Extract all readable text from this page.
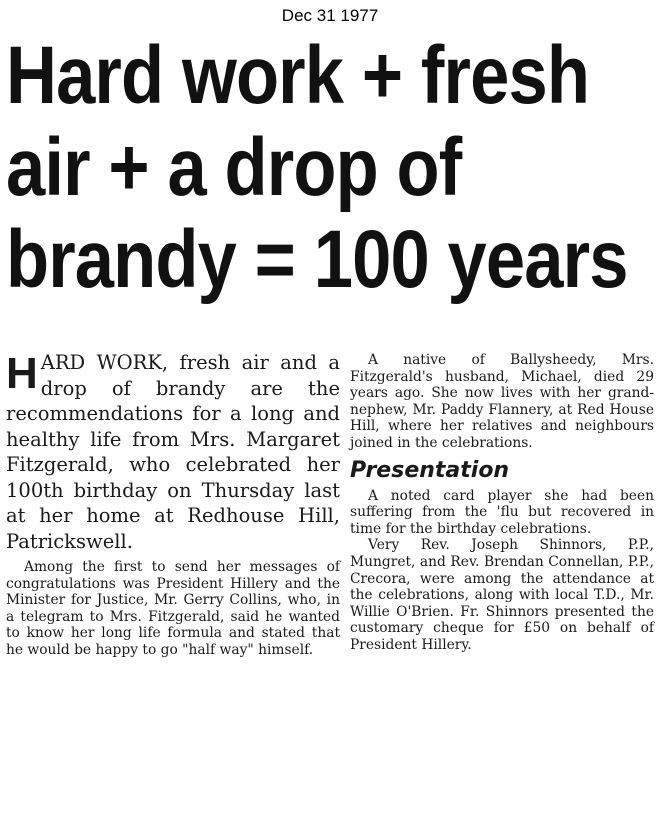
Dec 31 1977
Hard work + fresh
air + a drop of
brandy = 100 years

HARD WORK, fresh air and a drop of brandy are the recommendations for a long and healthy life from Mrs. Margaret Fitzgerald, who celebrated her 100th birthday on Thursday last at her home at Redhouse Hill, Patrickswell.

Among the first to send her messages of congratulations was President Hillery and the Minister for Justice, Mr. Gerry Collins, who, in a telegram to Mrs. Fitzgerald, said he wanted to know her long life formula and stated that he would be happy to go "half way" himself.

A native of Ballysheedy, Mrs. Fitzgerald's husband, Michael, died 29 years ago. She now lives with her grand-nephew, Mr. Paddy Flannery, at Red House Hill, where her relatives and neighbours joined in the celebrations.

Presentation

A noted card player she had been suffering from the 'flu but recovered in time for the birthday celebrations.

Very Rev. Joseph Shinnors, P.P., Mungret, and Rev. Brendan Connellan, P.P., Crecora, were among the attendance at the celebrations, along with local T.D., Mr. Willie O'Brien. Fr. Shinnors presented the customary cheque for £50 on behalf of President Hillery.
